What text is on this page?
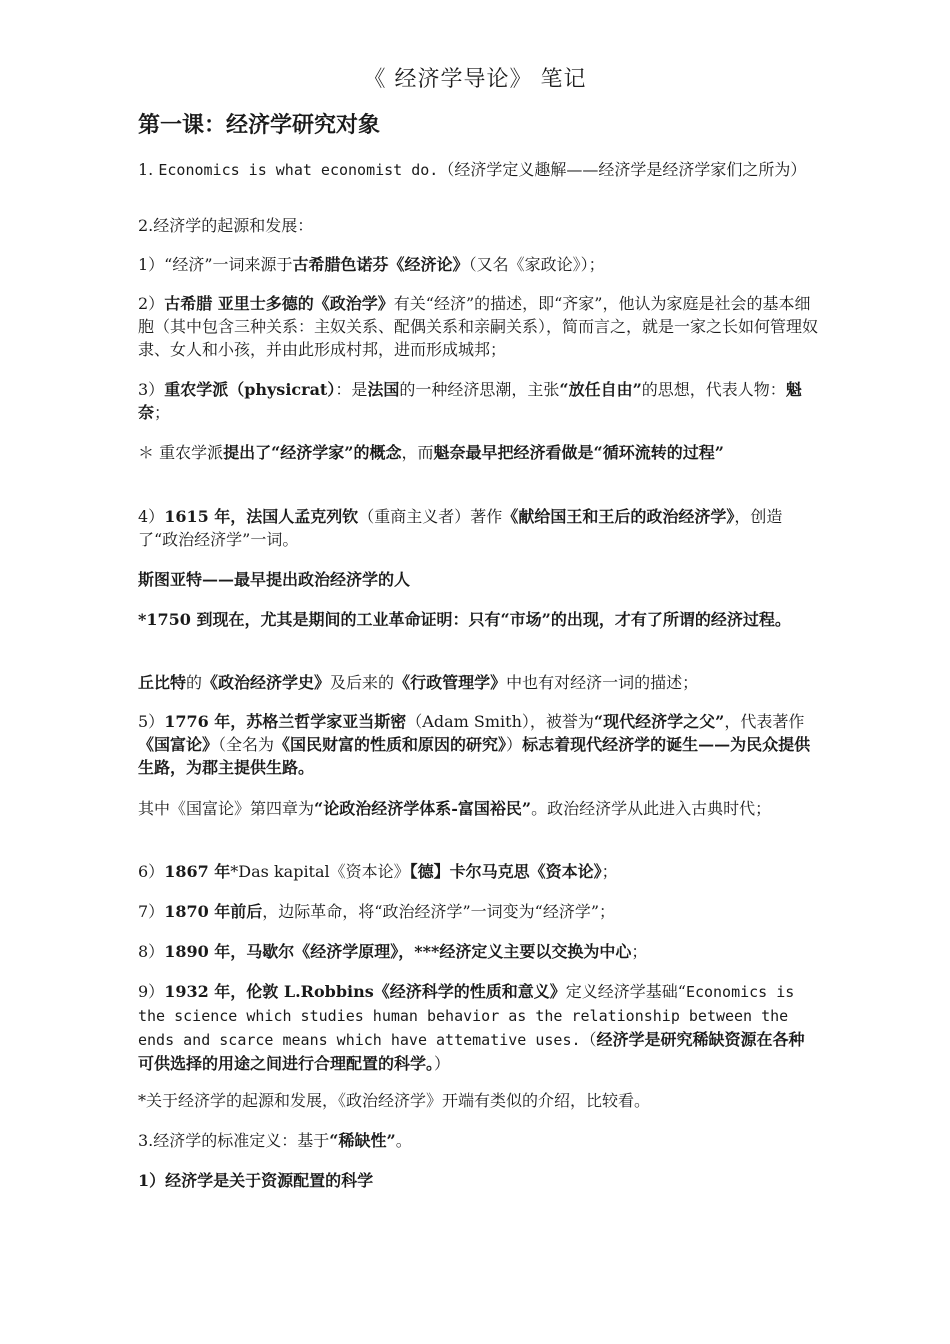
《 经济学导论》 笔记
第一课：经济学研究对象

1. Economics is what economist do.（经济学定义趣解——经济学是经济学家们之所为）

2.经济学的起源和发展：

1）“经济”一词来源于古希腊色诺芬《经济论》（又名《家政论》）；

2）古希腊 亚里士多德的《政治学》有关“经济”的描述，即“齐家”，他认为家庭是社会的基本细胞（其中包含三种关系：主奴关系、配偶关系和亲嗣关系），简而言之，就是一家之长如何管理奴隶、女人和小孩，并由此形成村邦，进而形成城邦；

3）重农学派（physicrat）：是法国的一种经济思潮，主张“放任自由”的思想，代表人物：魁奈；

＊ 重农学派提出了“经济学家”的概念，而魁奈最早把经济看做是“循环流转的过程”

4）1615 年，法国人孟克列钦（重商主义者）著作《献给国王和王后的政治经济学》，创造了“政治经济学”一词。

斯图亚特——最早提出政治经济学的人

*1750 到现在，尤其是期间的工业革命证明：只有“市场”的出现，才有了所谓的经济过程。

丘比特的《政治经济学史》及后来的《行政管理学》中也有对经济一词的描述；

5）1776 年，苏格兰哲学家亚当斯密（Adam Smith），被誉为“现代经济学之父”，代表著作《国富论》（全名为《国民财富的性质和原因的研究》）标志着现代经济学的诞生——为民众提供生路，为郡主提供生路。

其中《国富论》第四章为“论政治经济学体系-富国裕民”。政治经济学从此进入古典时代；

6）1867 年*Das kapital《资本论》【德】卡尔马克思《资本论》；

7）1870 年前后，边际革命，将“政治经济学”一词变为“经济学”；

8）1890 年，马歇尔《经济学原理》，***经济定义主要以交换为中心；

9）1932 年，伦敦 L.Robbins《经济科学的性质和意义》定义经济学基础“Economics is the science which studies human behavior as the relationship between the ends and scarce means which have attemative uses.（经济学是研究稀缺资源在各种可供选择的用途之间进行合理配置的科学。）

*关于经济学的起源和发展，《政治经济学》开端有类似的介绍，比较看。

3.经济学的标准定义：基于“稀缺性”。

1）经济学是关于资源配置的科学
